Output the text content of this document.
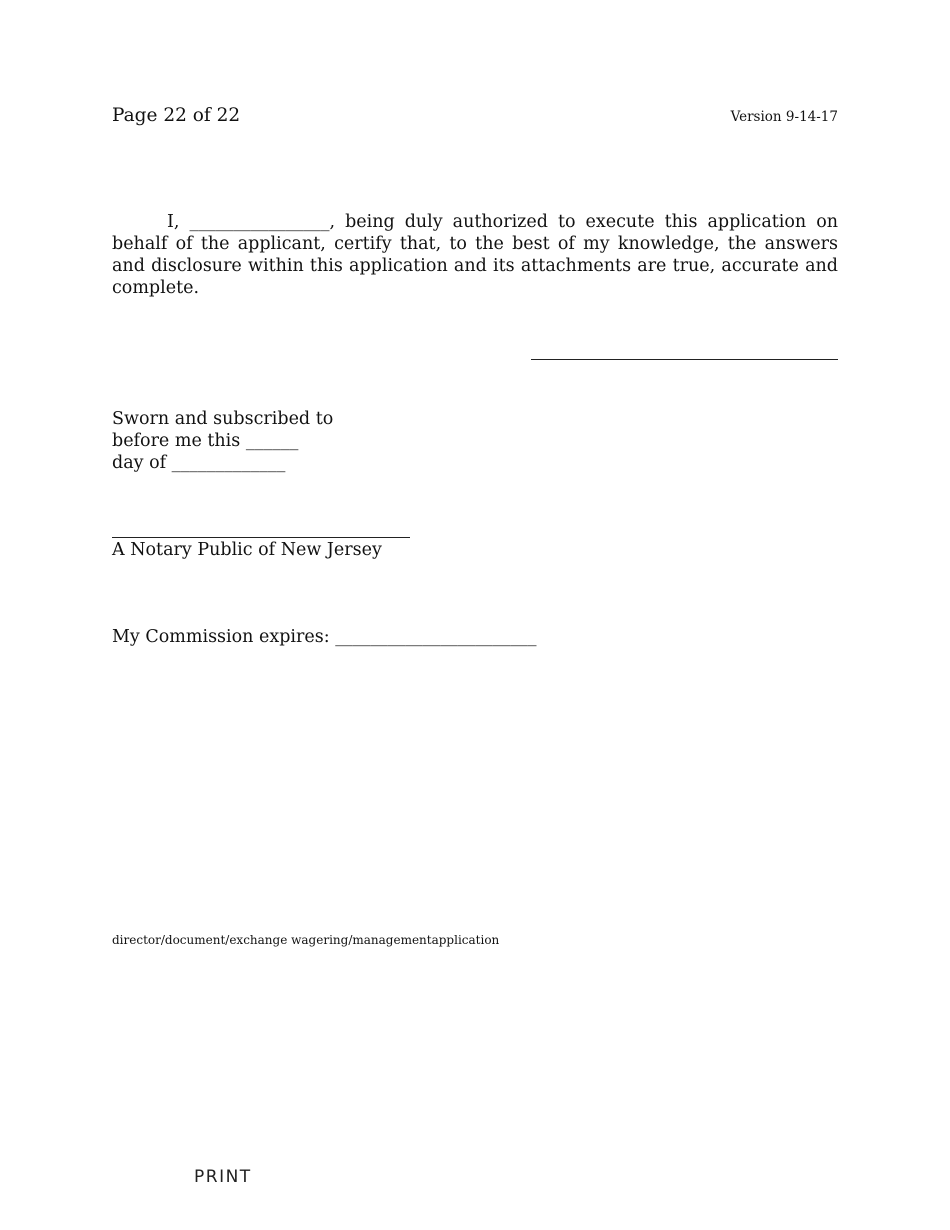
Page 22 of 22	Version 9-14-17

I, ________________, being duly authorized to execute this application on behalf of the applicant, certify that, to the best of my knowledge, the answers and disclosure within this application and its attachments are true, accurate and complete.

Sworn and subscribed to
before me this ______
day of _____________
A Notary Public of New Jersey
My Commission expires: _______________________
director/document/exchange wagering/managementapplication
PRINT
